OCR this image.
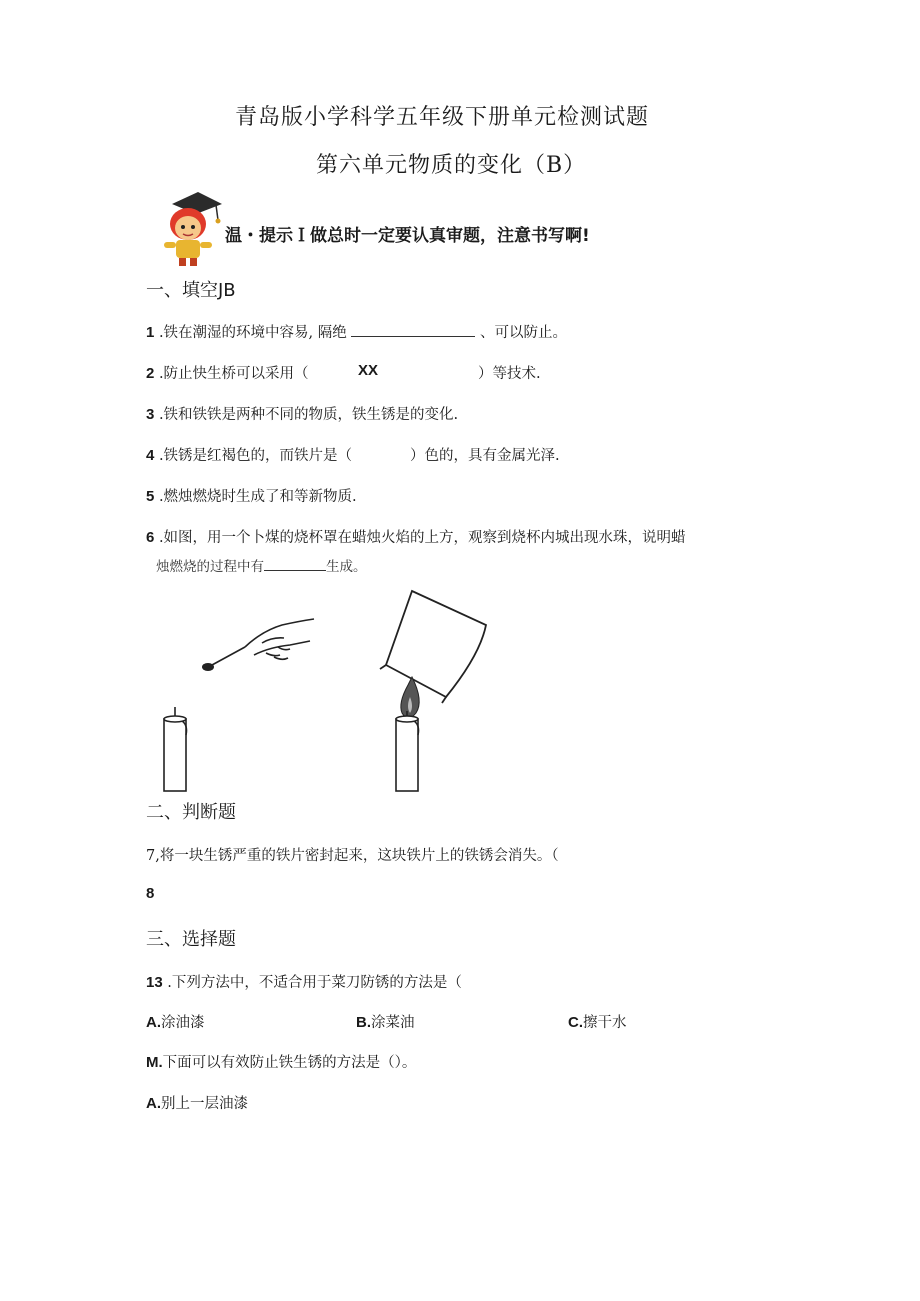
青岛版小学科学五年级下册单元检测试题
第六单元物质的变化（B）
温・提示Ｉ做总时一定要认真审题，注意书写啊!
一、填空JB
1 .铁在潮湿的环境中容易, 隔绝	、可以防止。
2 .防止快生桥可以采用（	XX	）等技术.
3 .铁和铁铁是两种不同的物质，铁生锈是的变化.
4 .铁锈是红褐色的，而铁片是（	）色的，具有金属光泽.
5 .燃烛燃烧时生成了和等新物质.
6 .如图，用一个卜煤的烧杯罩在蜡烛火焰的上方，观察到烧杯内城出现水珠，说明蜡
烛燃烧的过程中有	生成。
二、判断题
7,将一块生锈严重的铁片密封起来，这块铁片上的铁锈会消失。（
8
三、选择题
13 .下列方法中，不适合用于菜刀防锈的方法是（
A.涂油漆	B.涂菜油	C.擦干水
M.下面可以有效防止铁生锈的方法是（）。
A.别上一层油漆
